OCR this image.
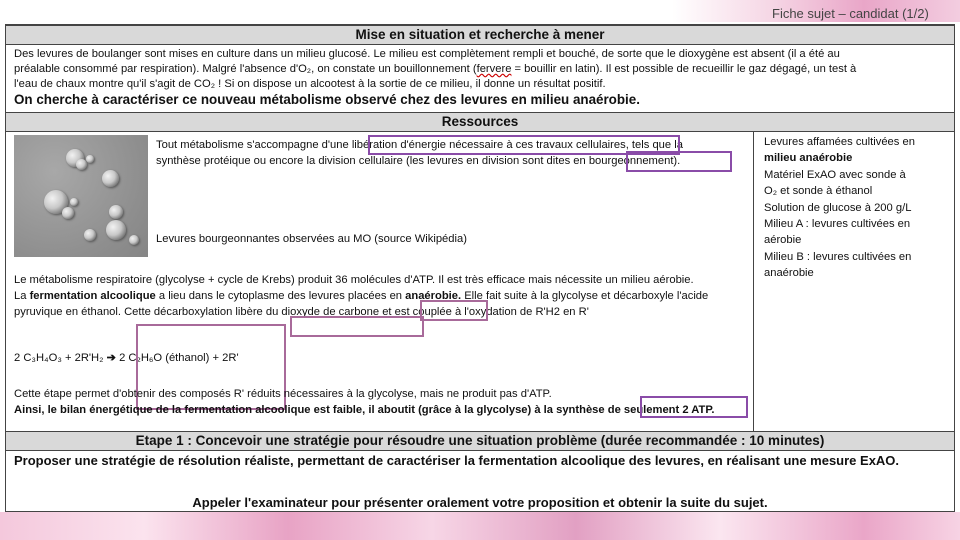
Fiche sujet – candidat (1/2)
Mise en situation et recherche à mener
Des levures de boulanger sont mises en culture dans un milieu glucosé. Le milieu est complètement rempli et bouché, de sorte que le dioxygène est absent (il a été au
préalable consommé par respiration). Malgré l'absence d'O₂, on constate un bouillonnement (fervere = bouillir en latin). Il est possible de recueillir le gaz dégagé, un test à
l'eau de chaux montre qu'il s'agit de CO₂ ! Si on dispose un alcootest à la sortie de ce milieu, il donne un résultat positif.
On cherche à caractériser ce nouveau métabolisme observé chez des levures en milieu anaérobie.
Ressources
Tout métabolisme s'accompagne d'une libération d'énergie nécessaire à ces travaux cellulaires, tels que la
synthèse protéique ou encore la division cellulaire (les levures en division sont dites en bourgeonnement).
Levures bourgeonnantes observées au MO (source Wikipédia)
Le métabolisme respiratoire (glycolyse + cycle de Krebs) produit 36 molécules d'ATP. Il est très efficace mais nécessite un milieu aérobie.
La fermentation alcoolique a lieu dans le cytoplasme des levures placées en anaérobie. Elle fait suite à la glycolyse et décarboxyle l'acide
pyruvique en éthanol. Cette décarboxylation libère du dioxyde de carbone et est couplée à l'oxydation de R'H2 en R'
2 C₃H₄O₃ + 2R'H₂ ➔ 2 C₂H₆O (éthanol) + 2R'
Cette étape permet d'obtenir des composés R' réduits nécessaires à la glycolyse, mais ne produit pas d'ATP.
Ainsi, le bilan énergétique de la fermentation alcoolique est faible, il aboutit (grâce à la glycolyse) à la synthèse de seulement 2 ATP.
Levures affamées cultivées en
milieu anaérobie
Matériel ExAO avec sonde à
O₂ et sonde à éthanol
Solution de glucose à 200 g/L
Milieu A : levures cultivées en
aérobie
Milieu B : levures cultivées en
anaérobie
Etape 1 : Concevoir une stratégie pour résoudre une situation problème (durée recommandée : 10 minutes)
Proposer une stratégie de résolution réaliste, permettant de caractériser la fermentation alcoolique des levures, en réalisant une mesure ExAO.
Appeler l'examinateur pour présenter oralement votre proposition et obtenir la suite du sujet.
